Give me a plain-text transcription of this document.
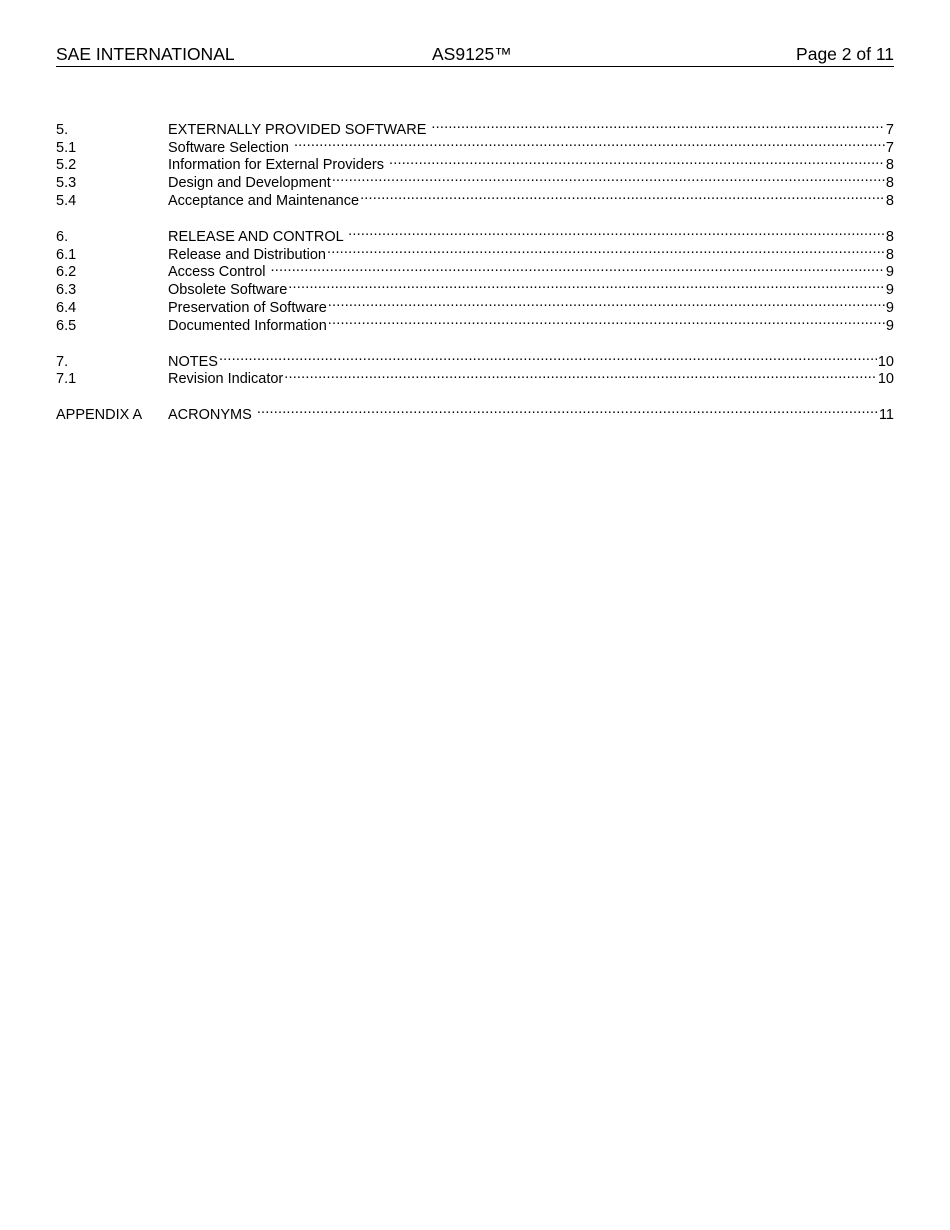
SAE INTERNATIONAL	AS9125™	Page 2 of 11
5.	EXTERNALLY PROVIDED SOFTWARE .....	7
5.1	Software Selection .....	7
5.2	Information for External Providers .....	8
5.3	Design and Development .....	8
5.4	Acceptance and Maintenance .....	8
6.	RELEASE AND CONTROL .....	8
6.1	Release and Distribution .....	8
6.2	Access Control .....	9
6.3	Obsolete Software .....	9
6.4	Preservation of Software .....	9
6.5	Documented Information .....	9
7.	NOTES .....	10
7.1	Revision Indicator .....	10
APPENDIX A	ACRONYMS .....	11
